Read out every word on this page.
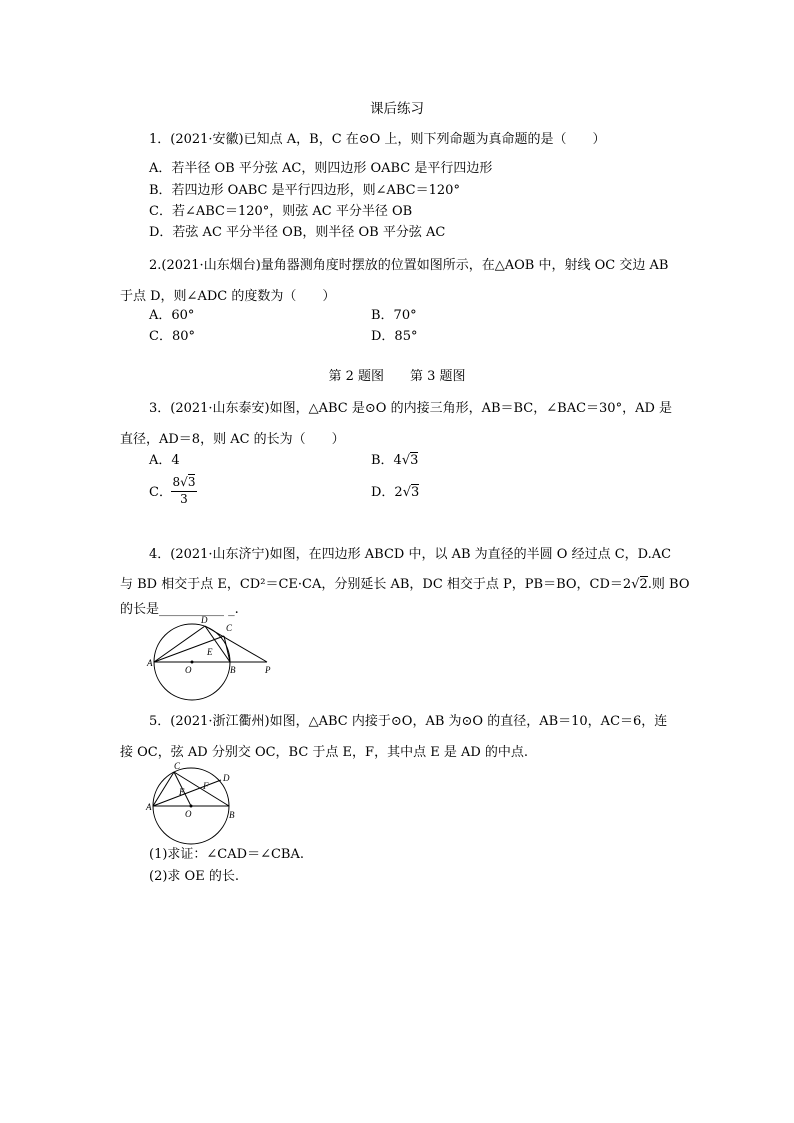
课后练习
1．(2021·安徽)已知点 A，B，C 在⊙O 上，则下列命题为真命题的是（　　）
A．若半径 OB 平分弦 AC，则四边形 OABC 是平行四边形
B．若四边形 OABC 是平行四边形，则∠ABC＝120°
C．若∠ABC＝120°，则弦 AC 平分半径 OB
D．若弦 AC 平分半径 OB，则半径 OB 平分弦 AC
2.(2021·山东烟台)量角器测角度时摆放的位置如图所示，在△AOB 中，射线 OC 交边 AB
于点 D，则∠ADC 的度数为（　　）
A．60°	B．70°
C．80°	D．85°
第 2 题图　　第 3 题图
3．(2021·山东泰安)如图，△ABC 是⊙O 的内接三角形，AB＝BC，∠BAC＝30°，AD 是
直径，AD＝8，则 AC 的长为（　　）
A．4	B．4√3
C． $\frac{8√3}{3}$	D．2√3
4．(2021·山东济宁)如图，在四边形 ABCD 中，以 AB 为直径的半圆 O 经过点 C，D.AC
与 BD 相交于点 E，CD²＝CE·CA，分别延长 AB，DC 相交于点 P，PB＝BO，CD＝2√2.则 BO
的长是__________ _.
A
B
C
D
E
O	P
5．(2021·浙江衢州)如图，△ABC 内接于⊙O，AB 为⊙O 的直径，AB＝10，AC＝6，连
接 OC，弦 AD 分别交 OC，BC 于点 E，F，其中点 E 是 AD 的中点.
A
B
C
D
E
F
O
(1)求证：∠CAD＝∠CBA.
(2)求 OE 的长.
